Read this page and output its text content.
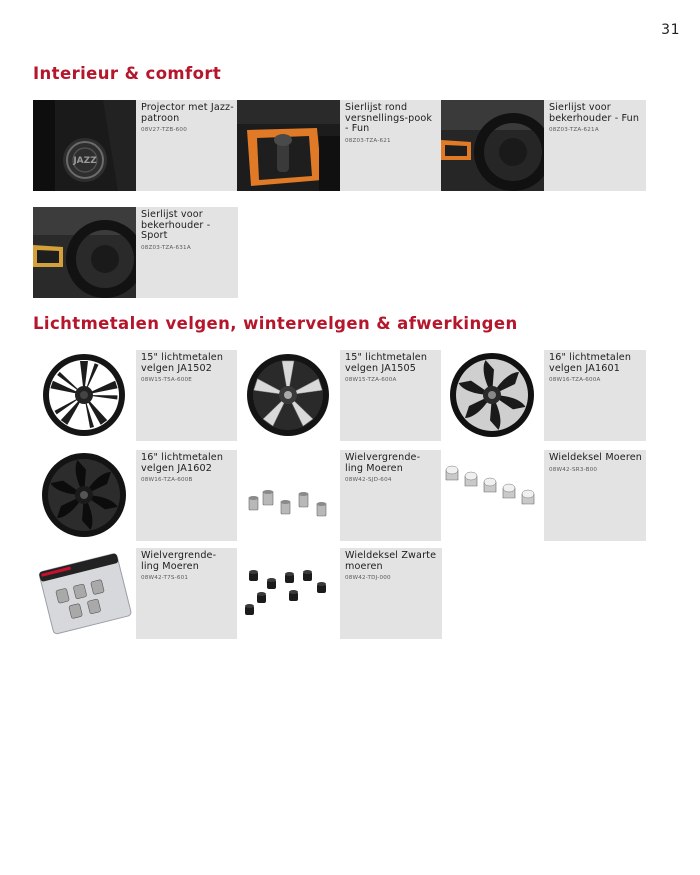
31
Interieur & comfort
JAZZ
Projector met Jazz-patroon
08V27-TZB-600
Sierlijst rond versnellings-pook - Fun
08Z03-TZA-621
Sierlijst voor bekerhouder - Fun
08Z03-TZA-621A
Sierlijst voor bekerhouder - Sport
08Z03-TZA-631A
Lichtmetalen velgen, wintervelgen & afwerkingen
15" lichtmetalen velgen JA1502
08W15-T5A-600E
15" lichtmetalen velgen JA1505
08W15-TZA-600A
16" lichtmetalen velgen JA1601
08W16-TZA-600A
16" lichtmetalen velgen JA1602
08W16-TZA-600B
Wielvergrende-ling Moeren
08W42-SJD-604
Wieldeksel Moeren
08W42-SR3-B00
Wielvergrende-ling Moeren
08W42-T7S-601
Wieldeksel Zwarte moeren
08W42-TDJ-000
